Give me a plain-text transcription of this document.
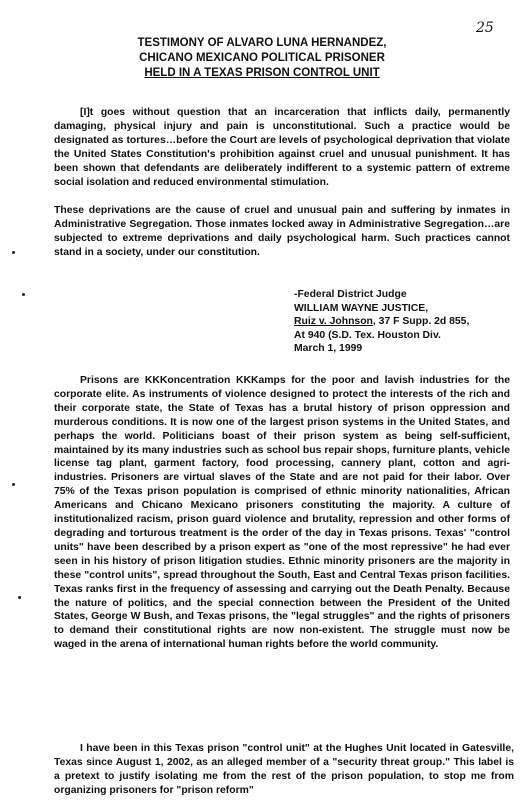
25
TESTIMONY OF ALVARO LUNA HERNANDEZ,
CHICANO MEXICANO POLITICAL PRISONER
HELD IN A TEXAS PRISON CONTROL UNIT

[I]t goes without question that an incarceration that inflicts daily, permanently damaging, physical injury and pain is unconstitutional. Such a practice would be designated as tortures…before the Court are levels of psychological deprivation that violate the United States Constitution's prohibition against cruel and unusual punishment. It has been shown that defendants are deliberately indifferent to a systemic pattern of extreme social isolation and reduced environmental stimulation.

These deprivations are the cause of cruel and unusual pain and suffering by inmates in Administrative Segregation. Those inmates locked away in Administrative Segregation…are subjected to extreme deprivations and daily psychological harm. Such practices cannot stand in a society, under our constitution.

-Federal District Judge
WILLIAM WAYNE JUSTICE,
Ruiz v. Johnson, 37 F Supp. 2d 855,
At 940 (S.D. Tex. Houston Div.
March 1, 1999

Prisons are KKKoncentration KKKamps for the poor and lavish industries for the corporate elite. As instruments of violence designed to protect the interests of the rich and their corporate state, the State of Texas has a brutal history of prison oppression and murderous conditions. It is now one of the largest prison systems in the United States, and perhaps the world. Politicians boast of their prison system as being self-sufficient, maintained by its many industries such as school bus repair shops, furniture plants, vehicle license tag plant, garment factory, food processing, cannery plant, cotton and agri-industries. Prisoners are virtual slaves of the State and are not paid for their labor. Over 75% of the Texas prison population is comprised of ethnic minority nationalities, African Americans and Chicano Mexicano prisoners constituting the majority. A culture of institutionalized racism, prison guard violence and brutality, repression and other forms of degrading and torturous treatment is the order of the day in Texas prisons. Texas' "control units" have been described by a prison expert as "one of the most repressive" he had ever seen in his history of prison litigation studies. Ethnic minority prisoners are the majority in these "control units", spread throughout the South, East and Central Texas prison facilities. Texas ranks first in the frequency of assessing and carrying out the Death Penalty. Because the nature of politics, and the special connection between the President of the United States, George W Bush, and Texas prisons, the "legal struggles" and the rights of prisoners to demand their constitutional rights are now non-existent. The struggle must now be waged in the arena of international human rights before the world community.

I have been in this Texas prison "control unit" at the Hughes Unit located in Gatesville, Texas since August 1, 2002, as an alleged member of a "security threat group." This label is a pretext to justify isolating me from the rest of the prison population, to stop me from organizing prisoners for "prison reform"
